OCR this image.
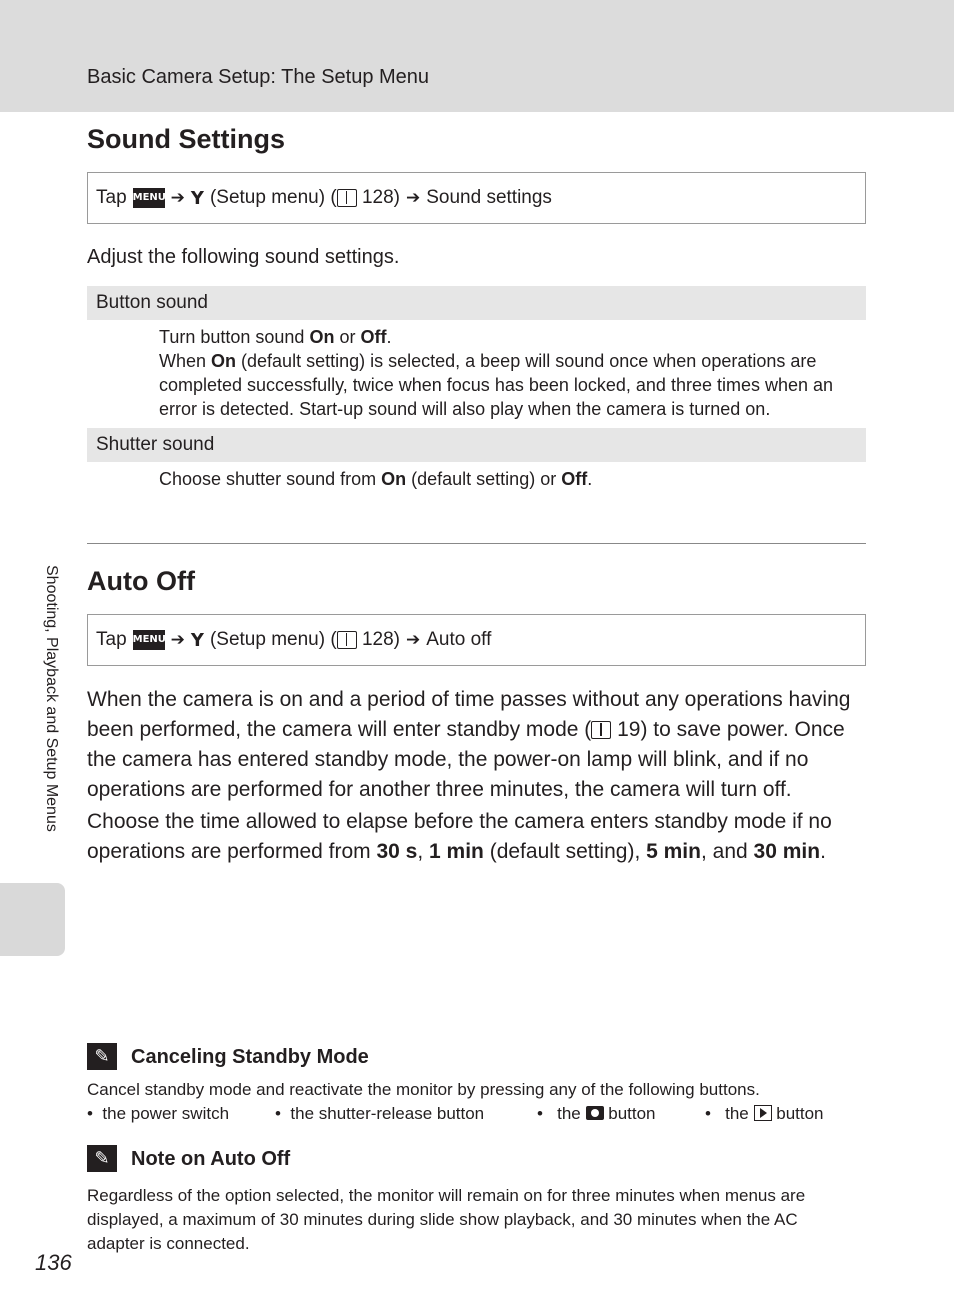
Basic Camera Setup: The Setup Menu
Sound Settings
Tap MENU ➔ Y (Setup menu) ( 128) ➔ Sound settings
Adjust the following sound settings.
Button sound
Turn button sound On or Off.
When On (default setting) is selected, a beep will sound once when operations are completed successfully, twice when focus has been locked, and three times when an error is detected. Start-up sound will also play when the camera is turned on.
Shutter sound
Choose shutter sound from On (default setting) or Off.
Auto Off
Tap MENU ➔ Y (Setup menu) ( 128) ➔ Auto off
When the camera is on and a period of time passes without any operations having been performed, the camera will enter standby mode ( 19) to save power. Once the camera has entered standby mode, the power-on lamp will blink, and if no operations are performed for another three minutes, the camera will turn off.
Choose the time allowed to elapse before the camera enters standby mode if no operations are performed from 30 s, 1 min (default setting), 5 min, and 30 min.
Shooting, Playback and Setup Menus
✎	Canceling Standby Mode
Cancel standby mode and reactivate the monitor by pressing any of the following buttons.
•  the power switch	•  the shutter-release button	•   the button	•   the button
✎	Note on Auto Off
Regardless of the option selected, the monitor will remain on for three minutes when menus are displayed, a maximum of 30 minutes during slide show playback, and 30 minutes when the AC adapter is connected.
136
